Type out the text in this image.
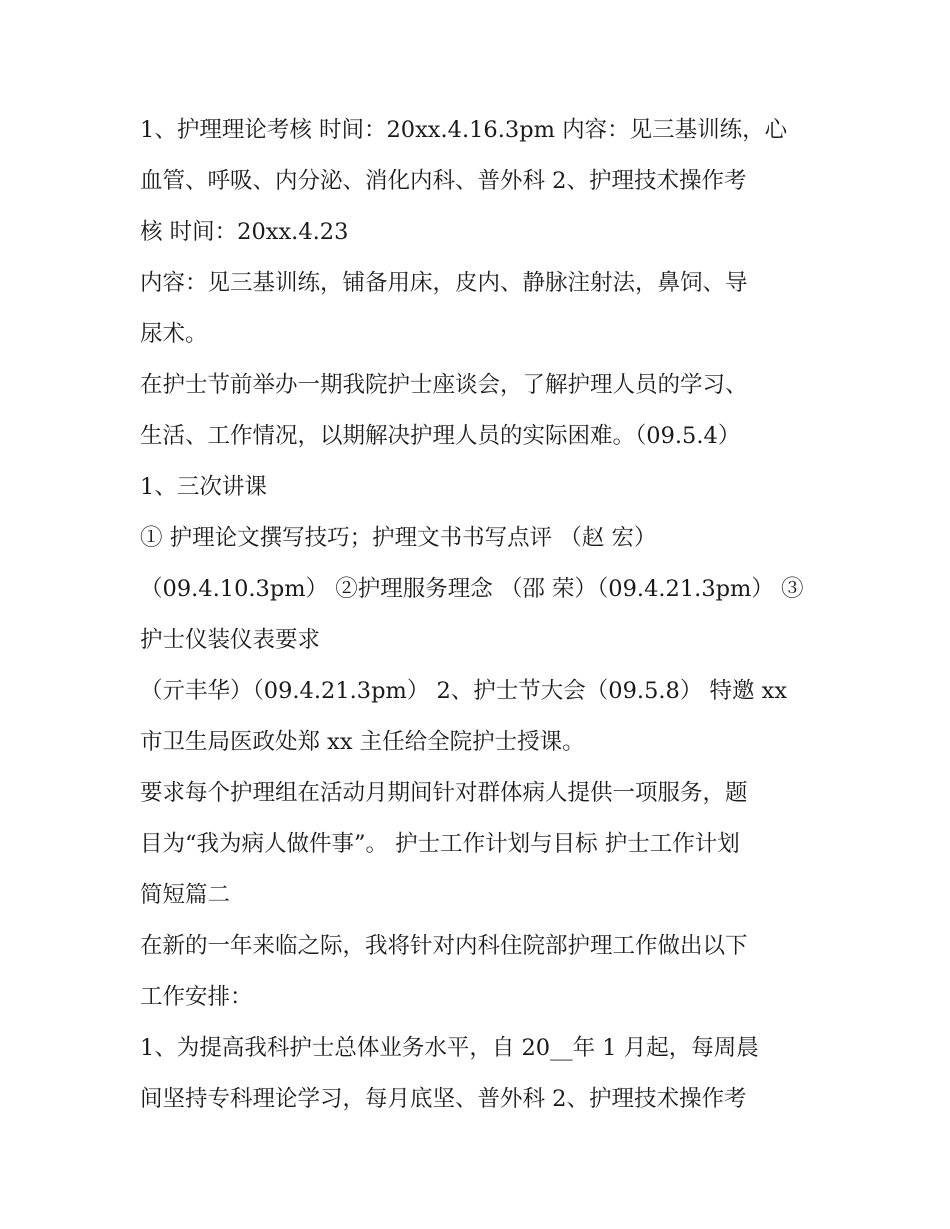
1、护理理论考核 时间：20xx.4.16.3pm 内容：见三基训练，心
血管、呼吸、内分泌、消化内科、普外科 2、护理技术操作考
核 时间：20xx.4.23
内容：见三基训练，铺备用床，皮内、静脉注射法，鼻饲、导
尿术。
在护士节前举办一期我院护士座谈会，了解护理人员的学习、
生活、工作情况，以期解决护理人员的实际困难。（09.5.4）
1、三次讲课
① 护理论文撰写技巧；护理文书书写点评 （赵 宏）
（09.4.10.3pm） ②护理服务理念 （邵 荣）（09.4.21.3pm） ③
护士仪装仪表要求
（亓丰华）（09.4.21.3pm） 2、护士节大会（09.5.8） 特邀 xx
市卫生局医政处郑 xx 主任给全院护士授课。
要求每个护理组在活动月期间针对群体病人提供一项服务，题
目为“我为病人做件事”。 护士工作计划与目标 护士工作计划
简短篇二
在新的一年来临之际，我将针对内科住院部护理工作做出以下
工作安排：
1、为提高我科护士总体业务水平，自 20__年 1 月起，每周晨
间坚持专科理论学习，每月底坚、普外科 2、护理技术操作考
